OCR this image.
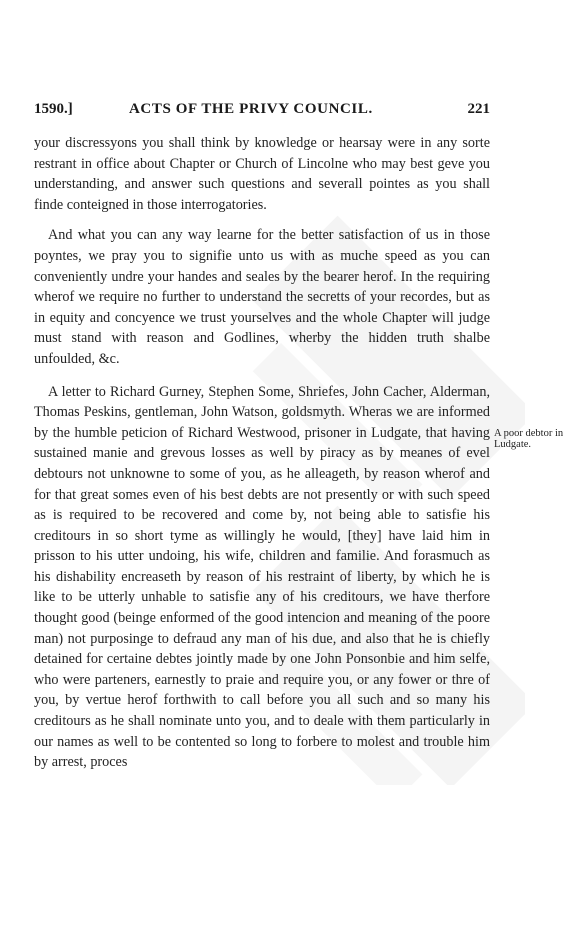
1590.]	ACTS OF THE PRIVY COUNCIL.	221

your discressyons you shall think by knowledge or hearsay were in any sorte restrant in office about Chapter or Church of Lincolne who may best geve you understanding, and answer such questions and severall pointes as you shall finde conteigned in those interrogatories.

And what you can any way learne for the better satisfaction of us in those poyntes, we pray you to signifie unto us with as muche speed as you can conveniently undre your handes and seales by the bearer herof. In the requiring wherof we require no further to understand the secretts of your recordes, but as in equity and concyence we trust yourselves and the whole Chapter will judge must stand with reason and Godlines, wherby the hidden truth shalbe unfoulded, &c.

A letter to Richard Gurney, Stephen Some, Shriefes, John Cacher, Alderman, Thomas Peskins, gentleman, John Watson, goldsmyth. Wheras we are informed by the humble peticion of Richard Westwood, prisoner in Ludgate, that having sustained manie and grevous losses as well by piracy as by meanes of evel debtours not unknowne to some of you, as he alleageth, by reason wherof and for that great somes even of his best debts are not presently or with such speed as is required to be recovered and come by, not being able to satisfie his creditours in so short tyme as willingly he would, [they] have laid him in prisson to his utter undoing, his wife, children and familie. And forasmuch as his dishability encreaseth by reason of his restraint of liberty, by which he is like to be utterly unhable to satisfie any of his creditours, we have therfore thought good (beinge enformed of the good intencion and meaning of the poore man) not purposinge to defraud any man of his due, and also that he is chiefly detained for certaine debtes jointly made by one John Ponsonbie and him selfe, who were parteners, earnestly to praie and require you, or any fower or thre of you, by vertue herof forthwith to call before you all such and so many his creditours as he shall nominate unto you, and to deale with them particularly in our names as well to be contented so long to forbere to molest and trouble him by arrest, proces

A poor debtor in Ludgate.
